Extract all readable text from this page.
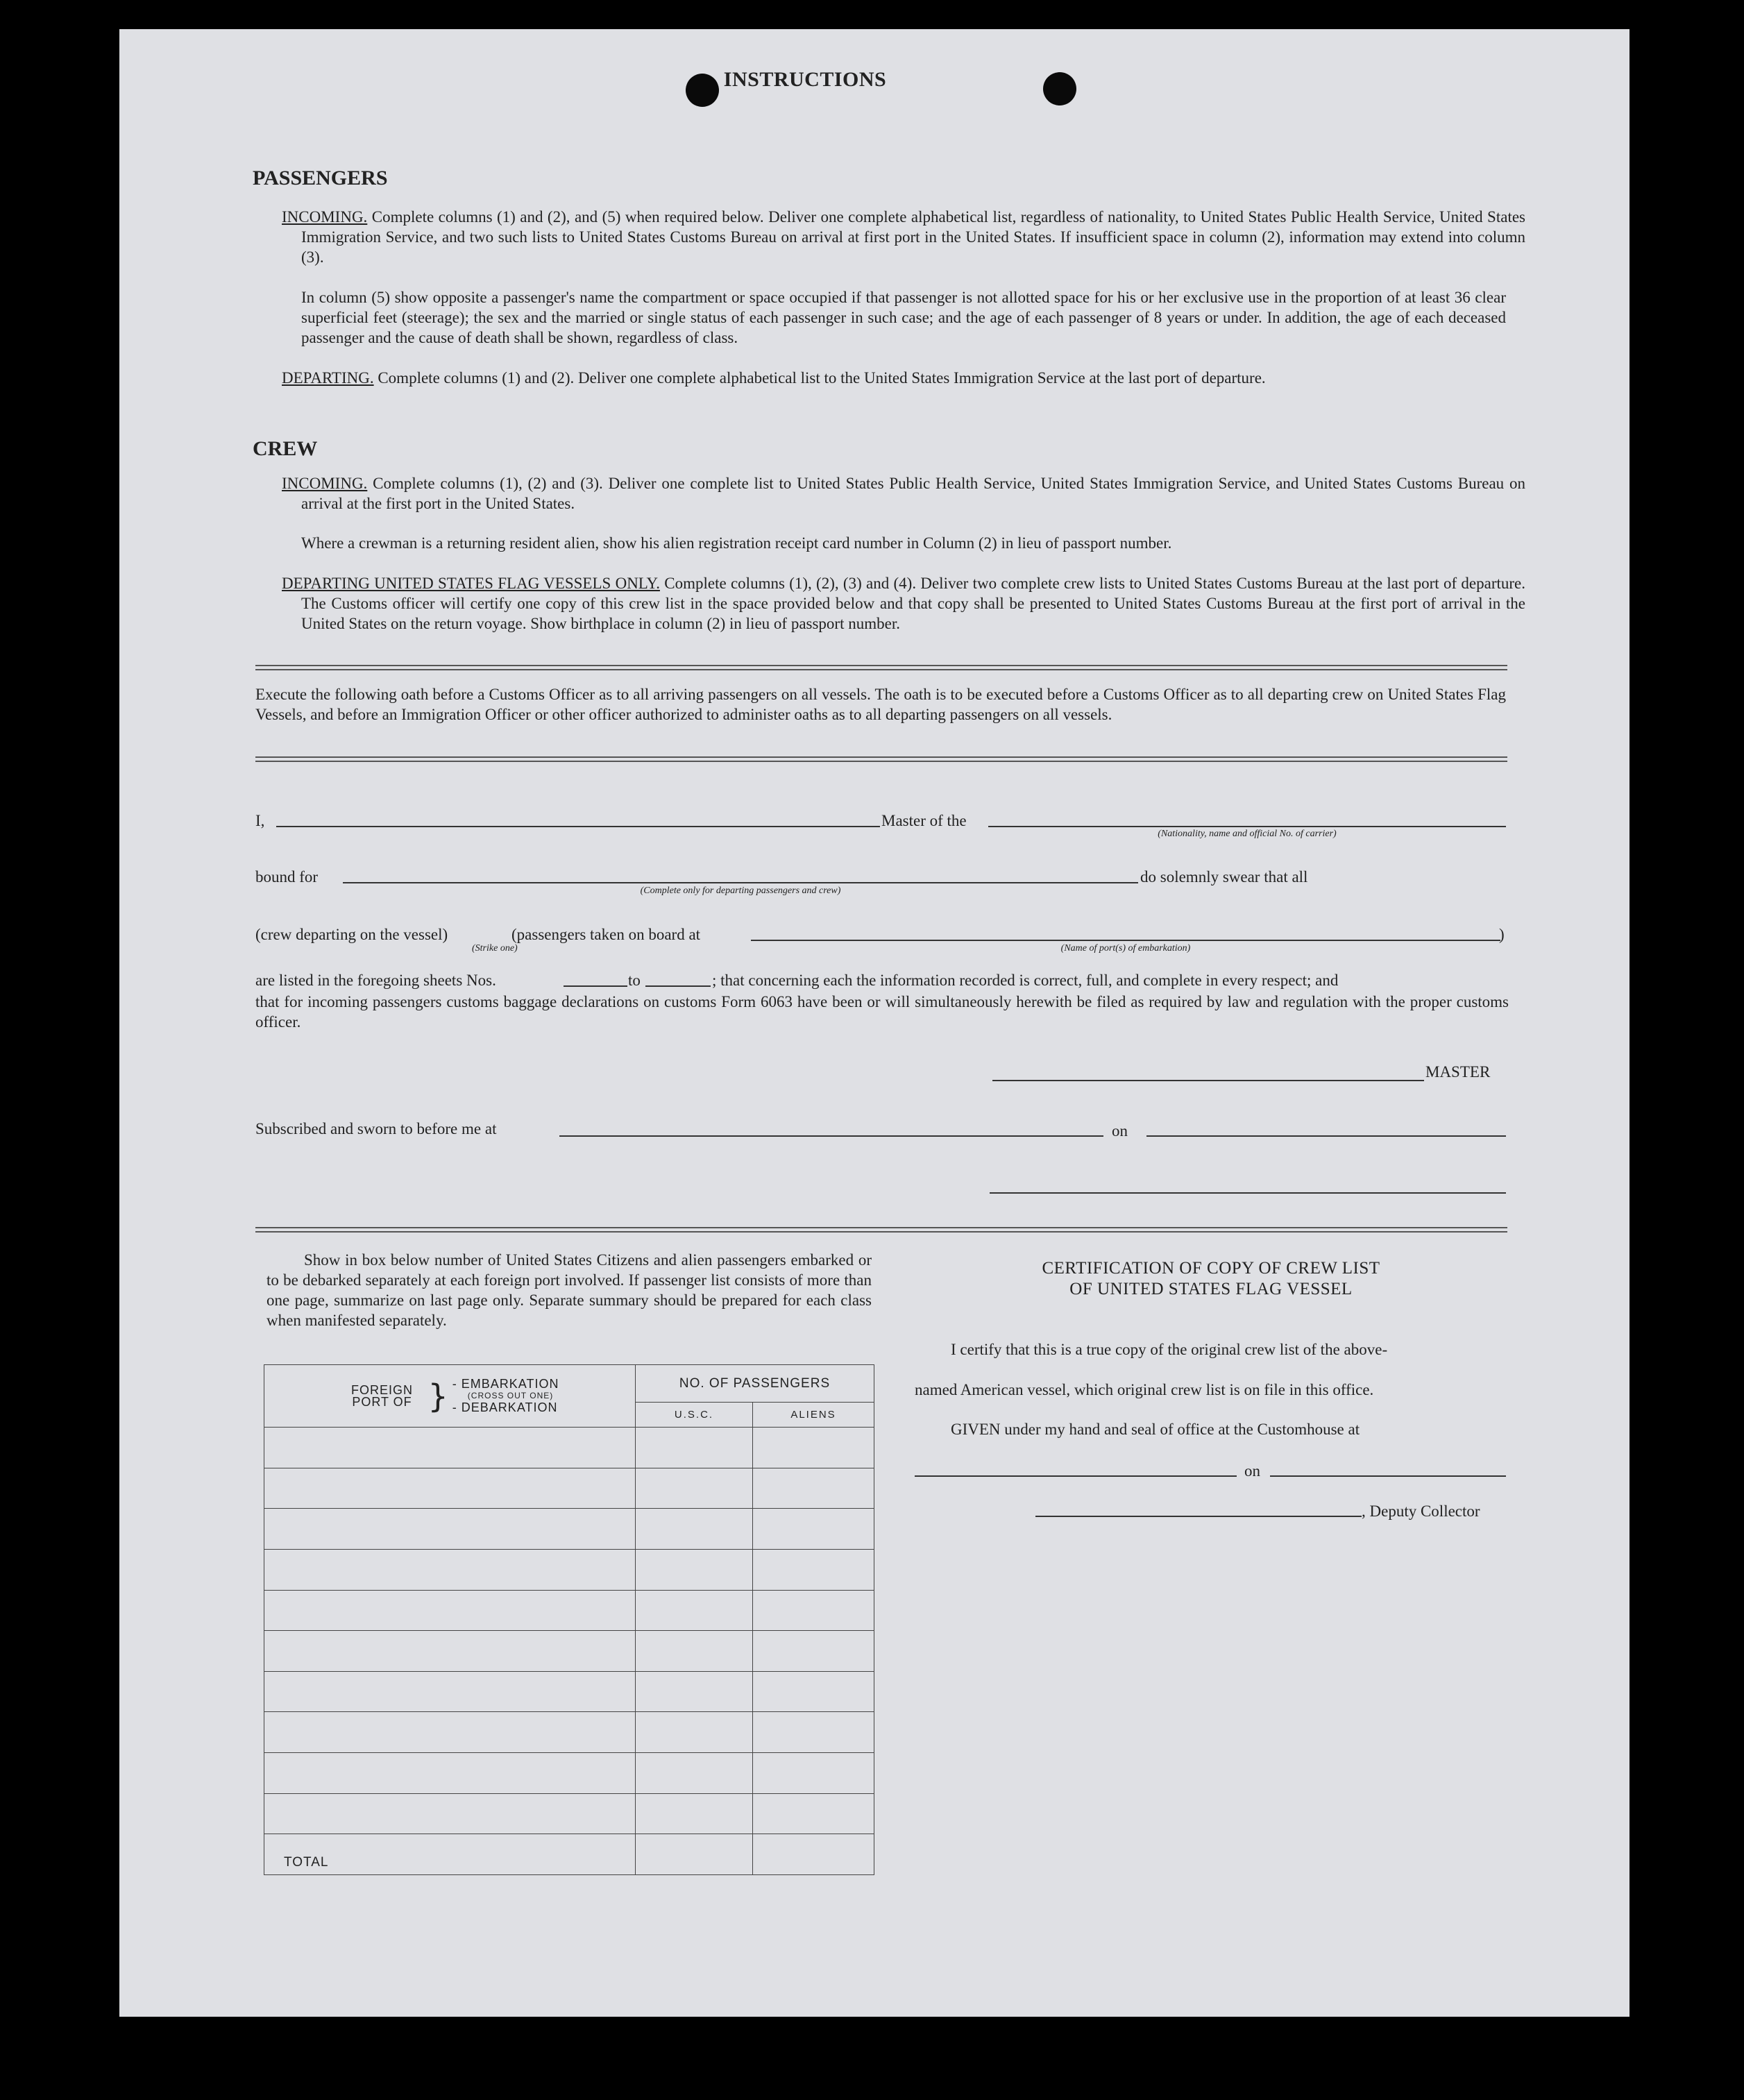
INSTRUCTIONS
PASSENGERS
INCOMING. Complete columns (1) and (2), and (5) when required below. Deliver one complete alphabetical list, regardless of nationality, to United States Public Health Service, United States Immigration Service, and two such lists to United States Customs Bureau on arrival at first port in the United States. If insufficient space in column (2), information may extend into column (3).
In column (5) show opposite a passenger's name the compartment or space occupied if that passenger is not allotted space for his or her exclusive use in the proportion of at least 36 clear superficial feet (steerage); the sex and the married or single status of each passenger in such case; and the age of each passenger of 8 years or under. In addition, the age of each deceased passenger and the cause of death shall be shown, regardless of class.
DEPARTING. Complete columns (1) and (2). Deliver one complete alphabetical list to the United States Immigration Service at the last port of departure.
CREW
INCOMING. Complete columns (1), (2) and (3). Deliver one complete list to United States Public Health Service, United States Immigration Service, and United States Customs Bureau on arrival at the first port in the United States.
Where a crewman is a returning resident alien, show his alien registration receipt card number in Column (2) in lieu of passport number.
DEPARTING UNITED STATES FLAG VESSELS ONLY. Complete columns (1), (2), (3) and (4). Deliver two complete crew lists to United States Customs Bureau at the last port of departure. The Customs officer will certify one copy of this crew list in the space provided below and that copy shall be presented to United States Customs Bureau at the first port of arrival in the United States on the return voyage. Show birthplace in column (2) in lieu of passport number.
Execute the following oath before a Customs Officer as to all arriving passengers on all vessels. The oath is to be executed before a Customs Officer as to all departing crew on United States Flag Vessels, and before an Immigration Officer or other officer authorized to administer oaths as to all departing passengers on all vessels.
I,	Master of the
(Nationality, name and official No. of carrier)
bound for
(Complete only for departing passengers and crew)
do solemnly swear that all
(crew departing on the vessel)	(passengers taken on board at
(Strike one)
)
(Name of port(s) of embarkation)
are listed in the foregoing sheets Nos.	to	; that concerning each the information recorded is correct, full, and complete in every respect; and
that for incoming passengers customs baggage declarations on customs Form 6063 have been or will simultaneously herewith be filed as required by law and regulation with the proper customs officer.
MASTER
Subscribed and sworn to before me at	on
Show in box below number of United States Citizens and alien passengers embarked or to be debarked separately at each foreign port involved. If passenger list consists of more than one page, summarize on last page only. Separate summary should be prepared for each class when manifested separately.
FOREIGN PORT OF } - EMBARKATION
(CROSS OUT ONE)
- DEBARKATION	NO. OF PASSENGERS	
	U.S.C.	ALIENS

TOTAL		
CERTIFICATION OF COPY OF CREW LIST
OF UNITED STATES FLAG VESSEL
I certify that this is a true copy of the original crew list of the above-
named American vessel, which original crew list is on file in this office.
GIVEN under my hand and seal of office at the Customhouse at
on
, Deputy Collector
